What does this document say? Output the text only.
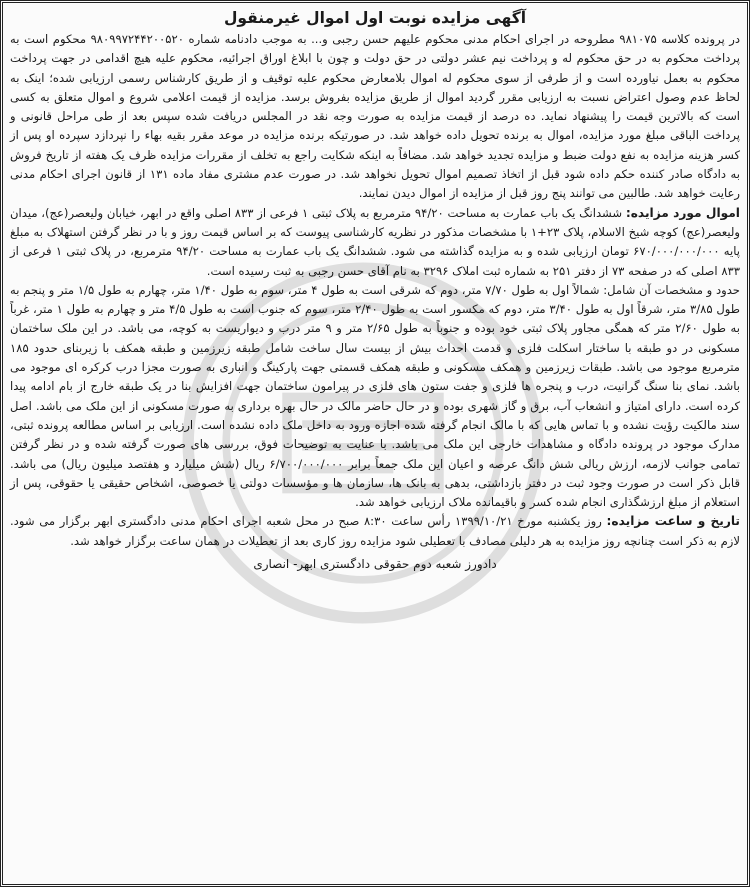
آگهی مزایده نوبت اول اموال غیرمنقول

در پرونده کلاسه ۹۸۱۰۷۵ مطروحه در اجرای احکام مدنی محکوم علیهم حسن رجبی و... به موجب دادنامه شماره ۹۸۰۹۹۷۲۴۴۲۰۰۵۲۰ محکوم است به پرداخت محکوم به در حق محکوم له و پرداخت نیم عشر دولتی در حق دولت و چون با ابلاغ اوراق اجرائیه، محکوم علیه هیچ اقدامی در جهت پرداخت محکوم به بعمل نیاورده است و از طرفی از سوی محکوم له اموال بلامعارض محکوم علیه توقیف و از طریق کارشناس رسمی ارزیابی شده؛ اینک به لحاظ عدم وصول اعتراض نسبت به ارزیابی مقرر گردید اموال از طریق مزایده بفروش برسد. مزایده از قیمت اعلامی شروع و اموال متعلق به کسی است که بالاترین قیمت را پیشنهاد نماید. ده درصد از قیمت مزایده به صورت وجه نقد در المجلس دریافت شده سپس بعد از طی مراحل قانونی و پرداخت الباقی مبلغ مورد مزایده، اموال به برنده تحویل داده خواهد شد. در صورتیکه برنده مزایده در موعد مقرر بقیه بهاء را نپردازد سپرده او پس از کسر هزینه مزایده به نفع دولت ضبط و مزایده تجدید خواهد شد. مضافاً به اینکه شکایت راجع به تخلف از مقررات مزایده ظرف یک هفته از تاریخ فروش به دادگاه صادر کننده حکم داده شود قبل از اتخاذ تصمیم اموال تحویل نخواهد شد. در صورت عدم مشتری مفاد ماده ۱۳۱ از قانون اجرای احکام مدنی رعایت خواهد شد. طالبین می توانند پنج روز قبل از مزایده از اموال دیدن نمایند.

اموال مورد مزایده: ششدانگ یک باب عمارت به مساحت ۹۴/۲۰ مترمربع به پلاک ثبتی ۱ فرعی از ۸۳۳ اصلی واقع در ابهر، خیابان ولیعصر(عج)، میدان ولیعصر(عج) کوچه شیخ الاسلام، پلاک ۲۳+۱ با مشخصات مذکور در نظریه کارشناسی پیوست که بر اساس قیمت روز و با در نظر گرفتن استهلاک به مبلغ پایه ۶۷۰/۰۰۰/۰۰۰/۰۰۰ تومان ارزیابی شده و به مزایده گذاشته می شود. ششدانگ یک باب عمارت به مساحت ۹۴/۲۰ مترمربع، در پلاک ثبتی ۱ فرعی از ۸۳۳ اصلی که در صفحه ۷۳ از دفتر ۲۵۱ به شماره ثبت املاک ۳۲۹۶ به نام آقای حسن رجبی به ثبت رسیده است.

حدود و مشخصات آن شامل: شمالاً اول به طول ۷/۷۰ متر، دوم که شرقی است به طول ۴ متر، سوم به طول ۱/۴۰ متر، چهارم به طول ۱/۵ متر و پنجم به طول ۳/۸۵ متر، شرقاً اول به طول ۳/۴۰ متر، دوم که مکسور است به طول ۲/۴۰ متر، سوم که جنوب است به طول ۴/۵ متر و چهارم به طول ۱ متر، غرباً به طول ۲/۶۰ متر که همگی مجاور پلاک ثبتی خود بوده و جنوباً به طول ۲/۶۵ متر و ۹ متر درب و دیواریست به کوچه، می باشد. در این ملک ساختمان مسکونی در دو طبقه با ساختار اسکلت فلزی و قدمت احداث بیش از بیست سال ساخت شامل طبقه زیرزمین و طبقه همکف با زیربنای حدود ۱۸۵ مترمربع موجود می باشد. طبقات زیرزمین و همکف مسکونی و طبقه همکف قسمتی جهت پارکینگ و انباری به صورت مجزا درب کرکره ای موجود می باشد. نمای بنا سنگ گرانیت، درب و پنجره ها فلزی و جفت ستون های فلزی در پیرامون ساختمان جهت افزایش بنا در یک طبقه خارج از بام ادامه پیدا کرده است. دارای امتیاز و انشعاب آب، برق و گاز شهری بوده و در حال حاضر مالک در حال بهره برداری به صورت مسکونی از این ملک می باشد. اصل سند مالکیت رؤیت نشده و با تماس هایی که با مالک انجام گرفته شده اجازه ورود به داخل ملک داده نشده است. ارزیابی بر اساس مطالعه پرونده ثبتی، مدارک موجود در پرونده دادگاه و مشاهدات خارجی این ملک می باشد. با عنایت به توضیحات فوق، بررسی های صورت گرفته شده و در نظر گرفتن تمامی جوانب لازمه، ارزش ریالی شش دانگ عرصه و اعیان این ملک جمعاً برابر ۶/۷۰۰/۰۰۰/۰۰۰ ریال (شش میلیارد و هفتصد میلیون ریال) می باشد. قابل ذکر است در صورت وجود ثبت در دفتر بازداشتی، بدهی به بانک ها، سازمان ها و مؤسسات دولتی یا خصوصی، اشخاص حقیقی یا حقوقی، پس از استعلام از مبلغ ارزشگذاری انجام شده کسر و باقیمانده ملاک ارزیابی خواهد شد.

تاریخ و ساعت مزایده: روز یکشنبه مورخ ۱۳۹۹/۱۰/۲۱ رأس ساعت ۸:۳۰ صبح در محل شعبه اجرای احکام مدنی دادگستری ابهر برگزار می شود. لازم به ذکر است چنانچه روز مزایده به هر دلیلی مصادف با تعطیلی شود مزایده روز کاری بعد از تعطیلات در همان ساعت برگزار خواهد شد.

دادورز شعبه دوم حقوقی دادگستری ابهر- انصاری
